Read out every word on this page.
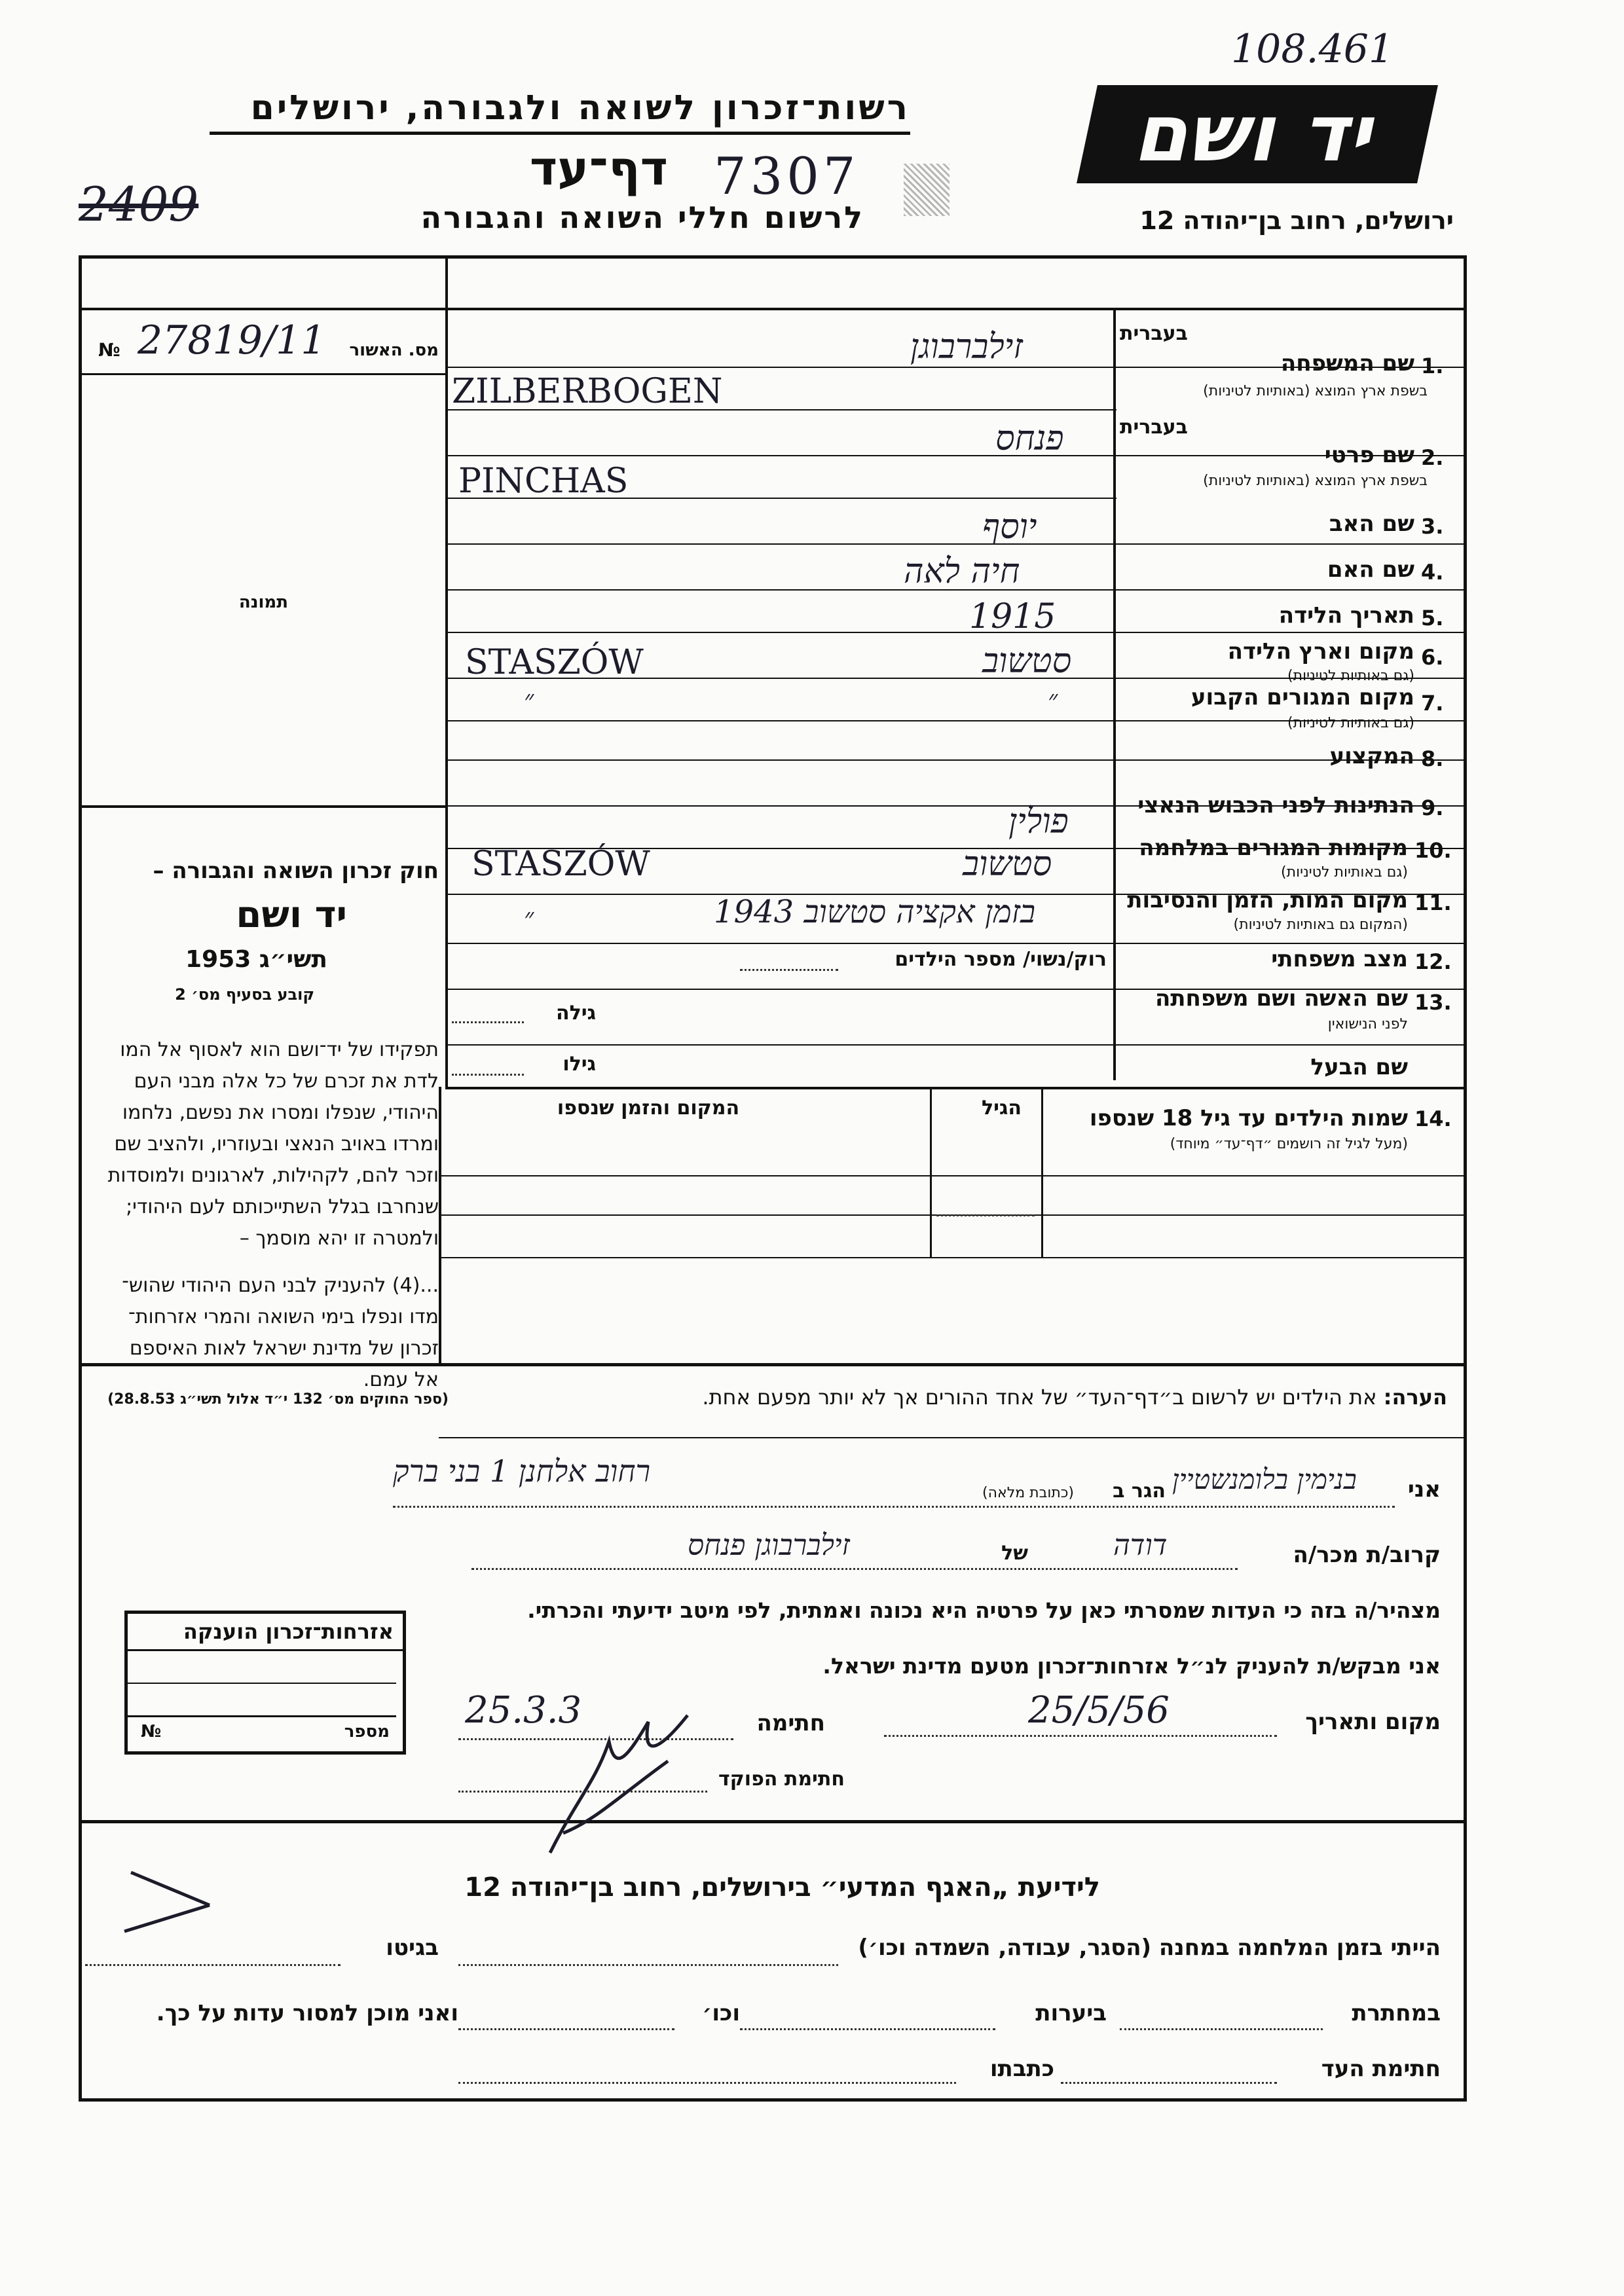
108.461
יד ושם
רשות־זכרון לשואה ולגבורה, ירושלים
דף־עד 7307
2409	לרשום חללי השואה והגבורה	ירושלים, רחוב בן־יהודה 12
מס. האשור
№ 27819/11
תמונה
חוק זכרון השואה והגבורה –
יד ושם
תשי״ג 1953
קובע בסעיף מס׳ 2
תפקידו של יד־ושם הוא לאסוף אל המו
לדת את זכרם של כל אלה מבני העם
היהודי, שנפלו ומסרו את נפשם, נלחמו
ומרדו באויב הנאצי ובעוזריו, ולהציב שם
וזכר להם, לקהילות, לארגונים ולמוסדות
שנחרבו בגלל השתייכותם לעם היהודי;
ולמטרה זו יהא מוסמך –
...(4) להעניק לבני העם היהודי שהוש־
מדו ונפלו בימי השואה והמרי אזרחות־
זכרון של מדינת ישראל לאות האיספם
אל עמם.
(ספר החוקים מס׳ 132 י״ד אלול תשי״ג 28.8.53)
בעברית
1.
שם המשפחה
בשפת ארץ המוצא (באותיות לטיניות)
זילברבוגן
ZILBERBOGEN
בעברית
2.
שם פרטי
בשפת ארץ המוצא (באותיות לטיניות)
פנחס
PINCHAS
3.
שם האב
יוסף
4.
שם האם
חיה לאה
5.
תאריך הלידה
1915
6.
מקום וארץ הלידה
(גם באותיות לטיניות)
סטשוב
STASZÓW
7.
מקום המגורים הקבוע
(גם באותיות לטיניות)
״
״
8.
המקצוע
9.
הנתינות לפני הכבוש הנאצי
פולין
10.
מקומות המגורים במלחמה
(גם באותיות לטיניות)
סטשוב
STASZÓW
11.
מקום המות, הזמן והנסיבות
(המקום גם באותיות לטיניות)
בזמן אקציה סטשוב 1943
״
12.
מצב משפחתי
רוק/נשוי/ מספר הילדים
13.
שם האשה ושם משפחתה
לפני הנישואין
גילה
שם הבעל
גילו
14.
שמות הילדים עד גיל 18 שנספו
(מעל לגיל זה רושמים ״דף־עד״ מיוחד)
הגיל
המקום והזמן שנספו
הערה: את הילדים יש לרשום ב״דף־העד״ של אחד ההורים אך לא יותר מפעם אחת.
אני
בנימין בלומנשטיין
הגר ב
(כתובת מלאה)
רחוב אלחנן 1 בני ברק
קרוב/ת מכר/ה
דודה
של
זילברבוגן פנחס
מצהיר/ה בזה כי העדות שמסרתי כאן על פרטיה היא נכונה ואמתית, לפי מיטב ידיעתי והכרתי.
אני מבקש/ת להעניק לנ״ל אזרחות־זכרון מטעם מדינת ישראל.
מקום ותאריך
25/5/56
חתימה
25.3.3
חתימת הפוקד
אזרחות־זכרון הוענקה
מספר
№
לידיעת „האגף המדעי״ בירושלים, רחוב בן־יהודה 12
הייתי בזמן המלחמה במחנה (הסגר, עבודה, השמדה וכו׳)
בגיטו
במחתרת
ביערות
וכו׳
ואני מוכן למסור עדות על כך.
חתימת העד
כתבתו
